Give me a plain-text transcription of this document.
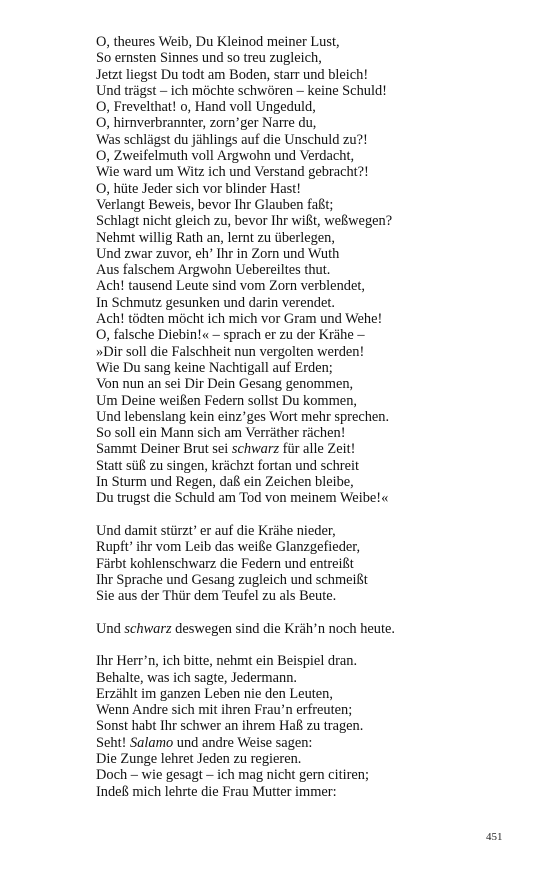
O, theures Weib, Du Kleinod meiner Lust,
So ernsten Sinnes und so treu zugleich,
Jetzt liegst Du todt am Boden, starr und bleich!
Und trägst – ich möchte schwören – keine Schuld!
O, Frevelthat! o, Hand voll Ungeduld,
O, hirnverbrannter, zorn’ger Narre du,
Was schlägst du jählings auf die Unschuld zu?!
O, Zweifelmuth voll Argwohn und Verdacht,
Wie ward um Witz ich und Verstand gebracht?!
O, hüte Jeder sich vor blinder Hast!
Verlangt Beweis, bevor Ihr Glauben faßt;
Schlagt nicht gleich zu, bevor Ihr wißt, weßwegen?
Nehmt willig Rath an, lernt zu überlegen,
Und zwar zuvor, eh’ Ihr in Zorn und Wuth
Aus falschem Argwohn Uebereiltes thut.
Ach! tausend Leute sind vom Zorn verblendet,
In Schmutz gesunken und darin verendet.
Ach! tödten möcht ich mich vor Gram und Wehe!
O, falsche Diebin!« – sprach er zu der Krähe –
»Dir soll die Falschheit nun vergolten werden!
Wie Du sang keine Nachtigall auf Erden;
Von nun an sei Dir Dein Gesang genommen,
Um Deine weißen Federn sollst Du kommen,
Und lebenslang kein einz’ges Wort mehr sprechen.
So soll ein Mann sich am Verräther rächen!
Sammt Deiner Brut sei schwarz für alle Zeit!
Statt süß zu singen, krächzt fortan und schreit
In Sturm und Regen, daß ein Zeichen bleibe,
Du trugst die Schuld am Tod von meinem Weibe!«
Und damit stürzt’ er auf die Krähe nieder,
Rupft’ ihr vom Leib das weiße Glanzgefieder,
Färbt kohlenschwarz die Federn und entreißt
Ihr Sprache und Gesang zugleich und schmeißt
Sie aus der Thür dem Teufel zu als Beute.
Und schwarz deswegen sind die Kräh’n noch heute.
Ihr Herr’n, ich bitte, nehmt ein Beispiel dran.
Behalte, was ich sagte, Jedermann.
Erzählt im ganzen Leben nie den Leuten,
Wenn Andre sich mit ihren Frau’n erfreuten;
Sonst habt Ihr schwer an ihrem Haß zu tragen.
Seht! Salamo und andre Weise sagen:
Die Zunge lehret Jeden zu regieren.
Doch – wie gesagt – ich mag nicht gern citiren;
Indeß mich lehrte die Frau Mutter immer:
451
